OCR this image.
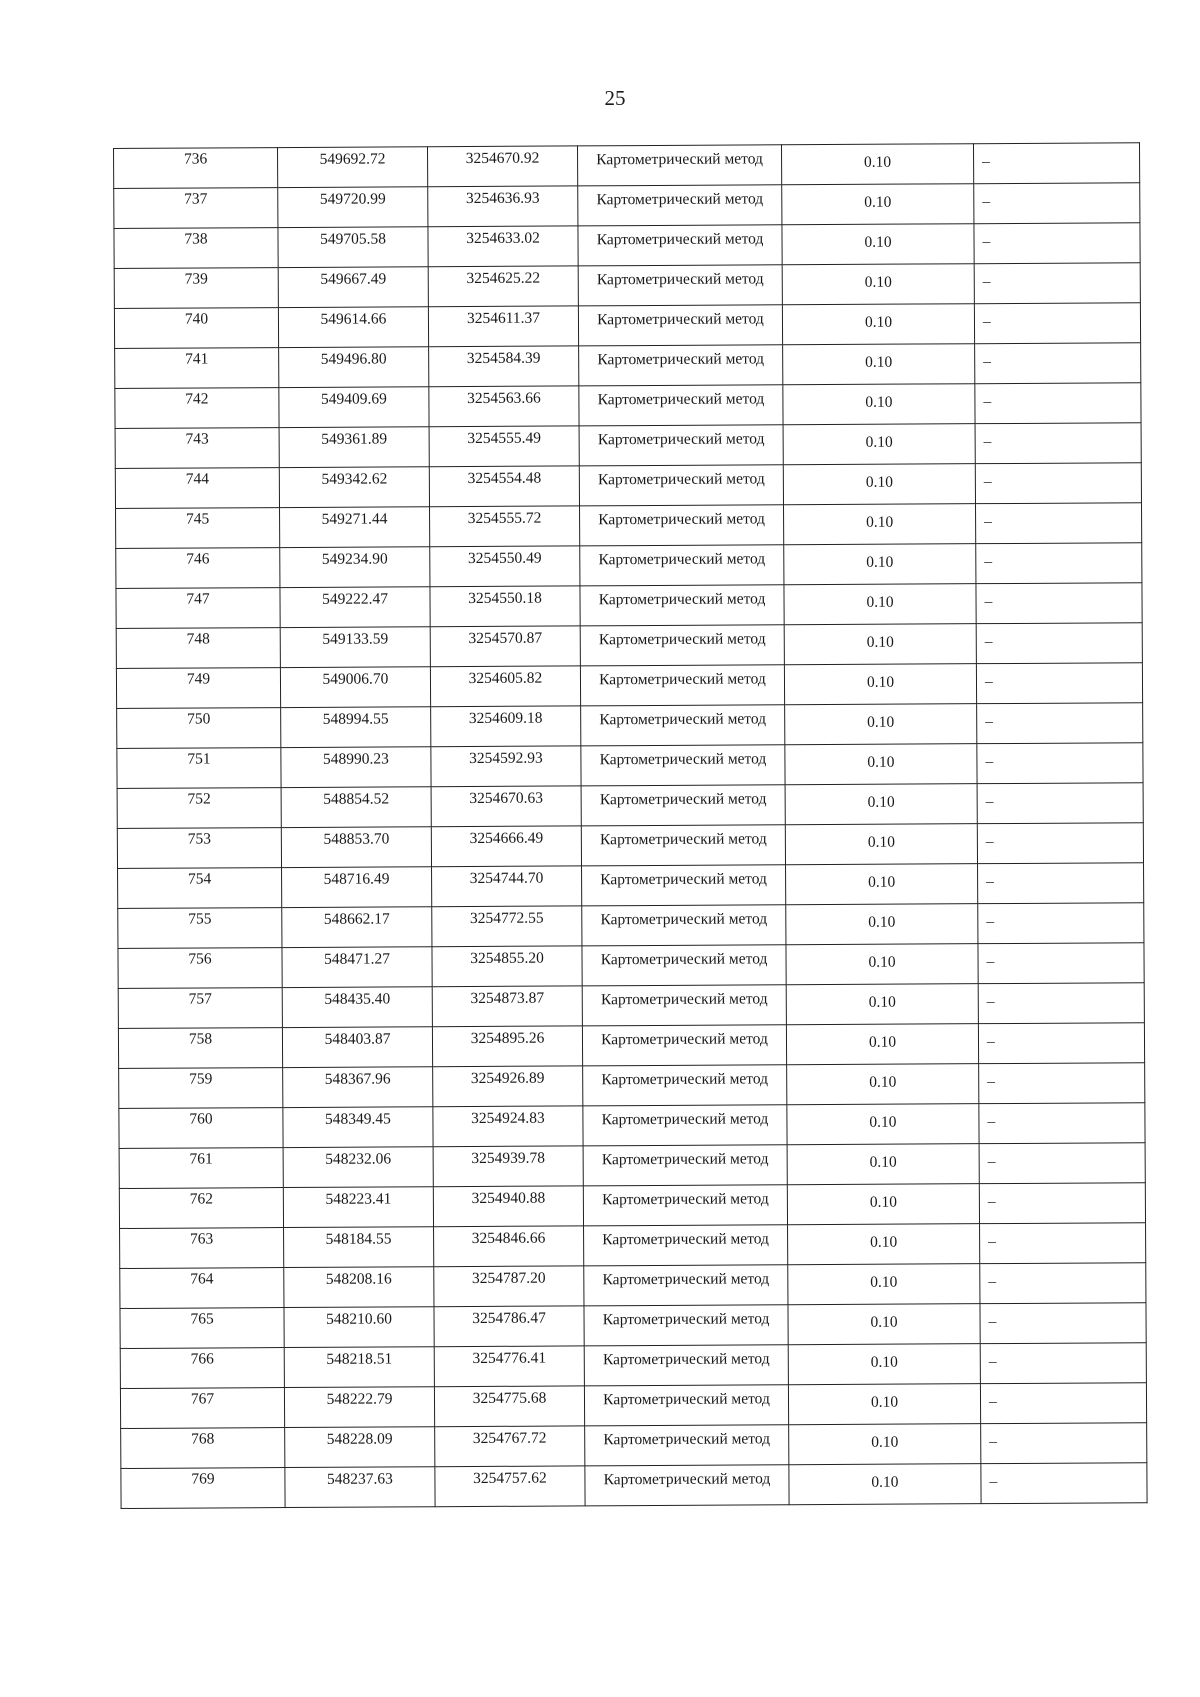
25
736	549692.72	3254670.92	Картометрический метод	0.10	–
737	549720.99	3254636.93	Картометрический метод	0.10	–
738	549705.58	3254633.02	Картометрический метод	0.10	–
739	549667.49	3254625.22	Картометрический метод	0.10	–
740	549614.66	3254611.37	Картометрический метод	0.10	–
741	549496.80	3254584.39	Картометрический метод	0.10	–
742	549409.69	3254563.66	Картометрический метод	0.10	–
743	549361.89	3254555.49	Картометрический метод	0.10	–
744	549342.62	3254554.48	Картометрический метод	0.10	–
745	549271.44	3254555.72	Картометрический метод	0.10	–
746	549234.90	3254550.49	Картометрический метод	0.10	–
747	549222.47	3254550.18	Картометрический метод	0.10	–
748	549133.59	3254570.87	Картометрический метод	0.10	–
749	549006.70	3254605.82	Картометрический метод	0.10	–
750	548994.55	3254609.18	Картометрический метод	0.10	–
751	548990.23	3254592.93	Картометрический метод	0.10	–
752	548854.52	3254670.63	Картометрический метод	0.10	–
753	548853.70	3254666.49	Картометрический метод	0.10	–
754	548716.49	3254744.70	Картометрический метод	0.10	–
755	548662.17	3254772.55	Картометрический метод	0.10	–
756	548471.27	3254855.20	Картометрический метод	0.10	–
757	548435.40	3254873.87	Картометрический метод	0.10	–
758	548403.87	3254895.26	Картометрический метод	0.10	–
759	548367.96	3254926.89	Картометрический метод	0.10	–
760	548349.45	3254924.83	Картометрический метод	0.10	–
761	548232.06	3254939.78	Картометрический метод	0.10	–
762	548223.41	3254940.88	Картометрический метод	0.10	–
763	548184.55	3254846.66	Картометрический метод	0.10	–
764	548208.16	3254787.20	Картометрический метод	0.10	–
765	548210.60	3254786.47	Картометрический метод	0.10	–
766	548218.51	3254776.41	Картометрический метод	0.10	–
767	548222.79	3254775.68	Картометрический метод	0.10	–
768	548228.09	3254767.72	Картометрический метод	0.10	–
769	548237.63	3254757.62	Картометрический метод	0.10	–
